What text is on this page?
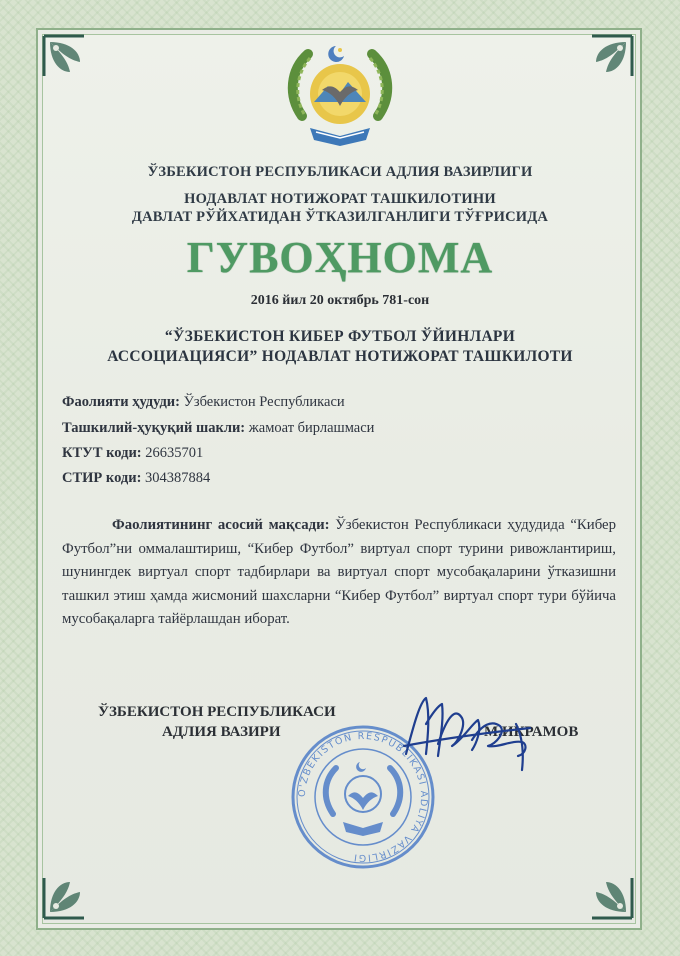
ЎЗБЕКИСТОН РЕСПУБЛИКАСИ АДЛИЯ ВАЗИРЛИГИ
НОДАВЛАТ НОТИЖОРАТ ТАШКИЛОТИНИ
ДАВЛАТ РЎЙХАТИДАН ЎТКАЗИЛГАНЛИГИ ТЎҒРИСИДА
ГУВОҲНОМА
2016 йил 20 октябрь 781-сон
“ЎЗБЕКИСТОН КИБЕР ФУТБОЛ ЎЙИНЛАРИ
АССОЦИАЦИЯСИ” НОДАВЛАТ НОТИЖОРАТ ТАШКИЛОТИ
Фаолияти ҳудуди: Ўзбекистон Республикаси
Ташкилий-ҳуқуқий шакли: жамоат бирлашмаси
КТУТ коди: 26635701
СТИР коди: 304387884
Фаолиятининг асосий мақсади: Ўзбекистон Республикаси ҳудудида “Кибер Футбол”ни оммалаштириш, “Кибер Футбол” виртуал спорт турини ривожлантириш, шунингдек виртуал спорт тадбирлари ва виртуал спорт мусобақаларини ўтказишни ташкил этиш ҳамда жисмоний шахсларни “Кибер Футбол” виртуал спорт тури бўйича мусобақаларга тайёрлашдан иборат.
ЎЗБЕКИСТОН РЕСПУБЛИКАСИ
АДЛИЯ ВАЗИРИ	М.ИКРАМОВ
O'ZBEKISTON RESPUBLIKASI ADLIYA VAZIRLIGI
